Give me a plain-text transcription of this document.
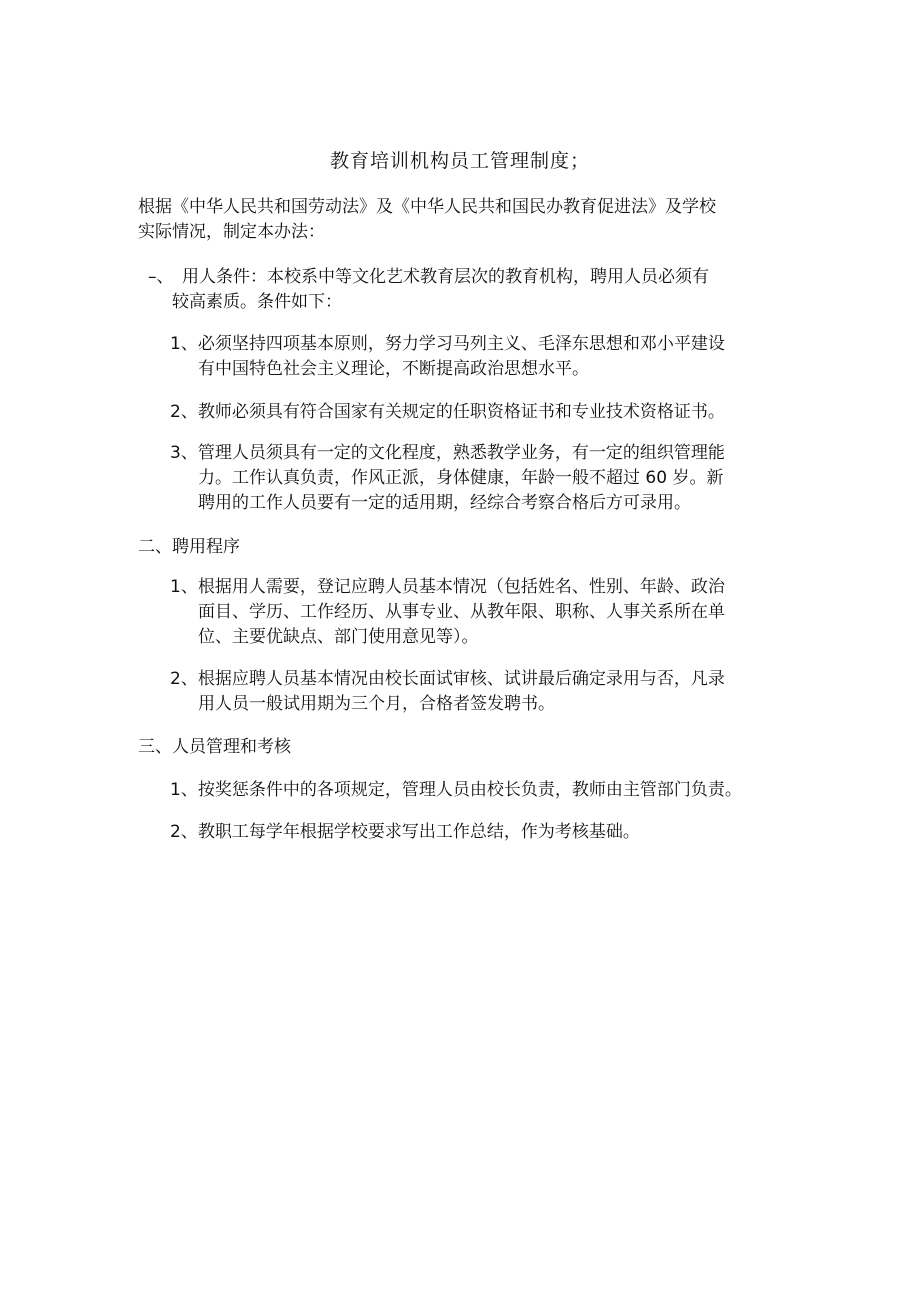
教育培训机构员工管理制度；
根据《中华人民共和国劳动法》及《中华人民共和国民办教育促进法》及学校
实际情况，制定本办法：
–、　用人条件：本校系中等文化艺术教育层次的教育机构，聘用人员必须有
较高素质。条件如下：
1、必须坚持四项基本原则，努力学习马列主义、毛泽东思想和邓小平建设
有中国特色社会主义理论，不断提高政治思想水平。
2、教师必须具有符合国家有关规定的任职资格证书和专业技术资格证书。
3、管理人员须具有一定的文化程度，熟悉教学业务，有一定的组织管理能
力。工作认真负责，作风正派，身体健康，年龄一般不超过 60 岁。新
聘用的工作人员要有一定的适用期，经综合考察合格后方可录用。
二、聘用程序
1、根据用人需要，登记应聘人员基本情况（包括姓名、性别、年龄、政治
面目、学历、工作经历、从事专业、从教年限、职称、人事关系所在单
位、主要优缺点、部门使用意见等）。
2、根据应聘人员基本情况由校长面试审核、试讲最后确定录用与否，凡录
用人员一般试用期为三个月，合格者签发聘书。
三、人员管理和考核
1、按奖惩条件中的各项规定，管理人员由校长负责，教师由主管部门负责。
2、教职工每学年根据学校要求写出工作总结，作为考核基础。
